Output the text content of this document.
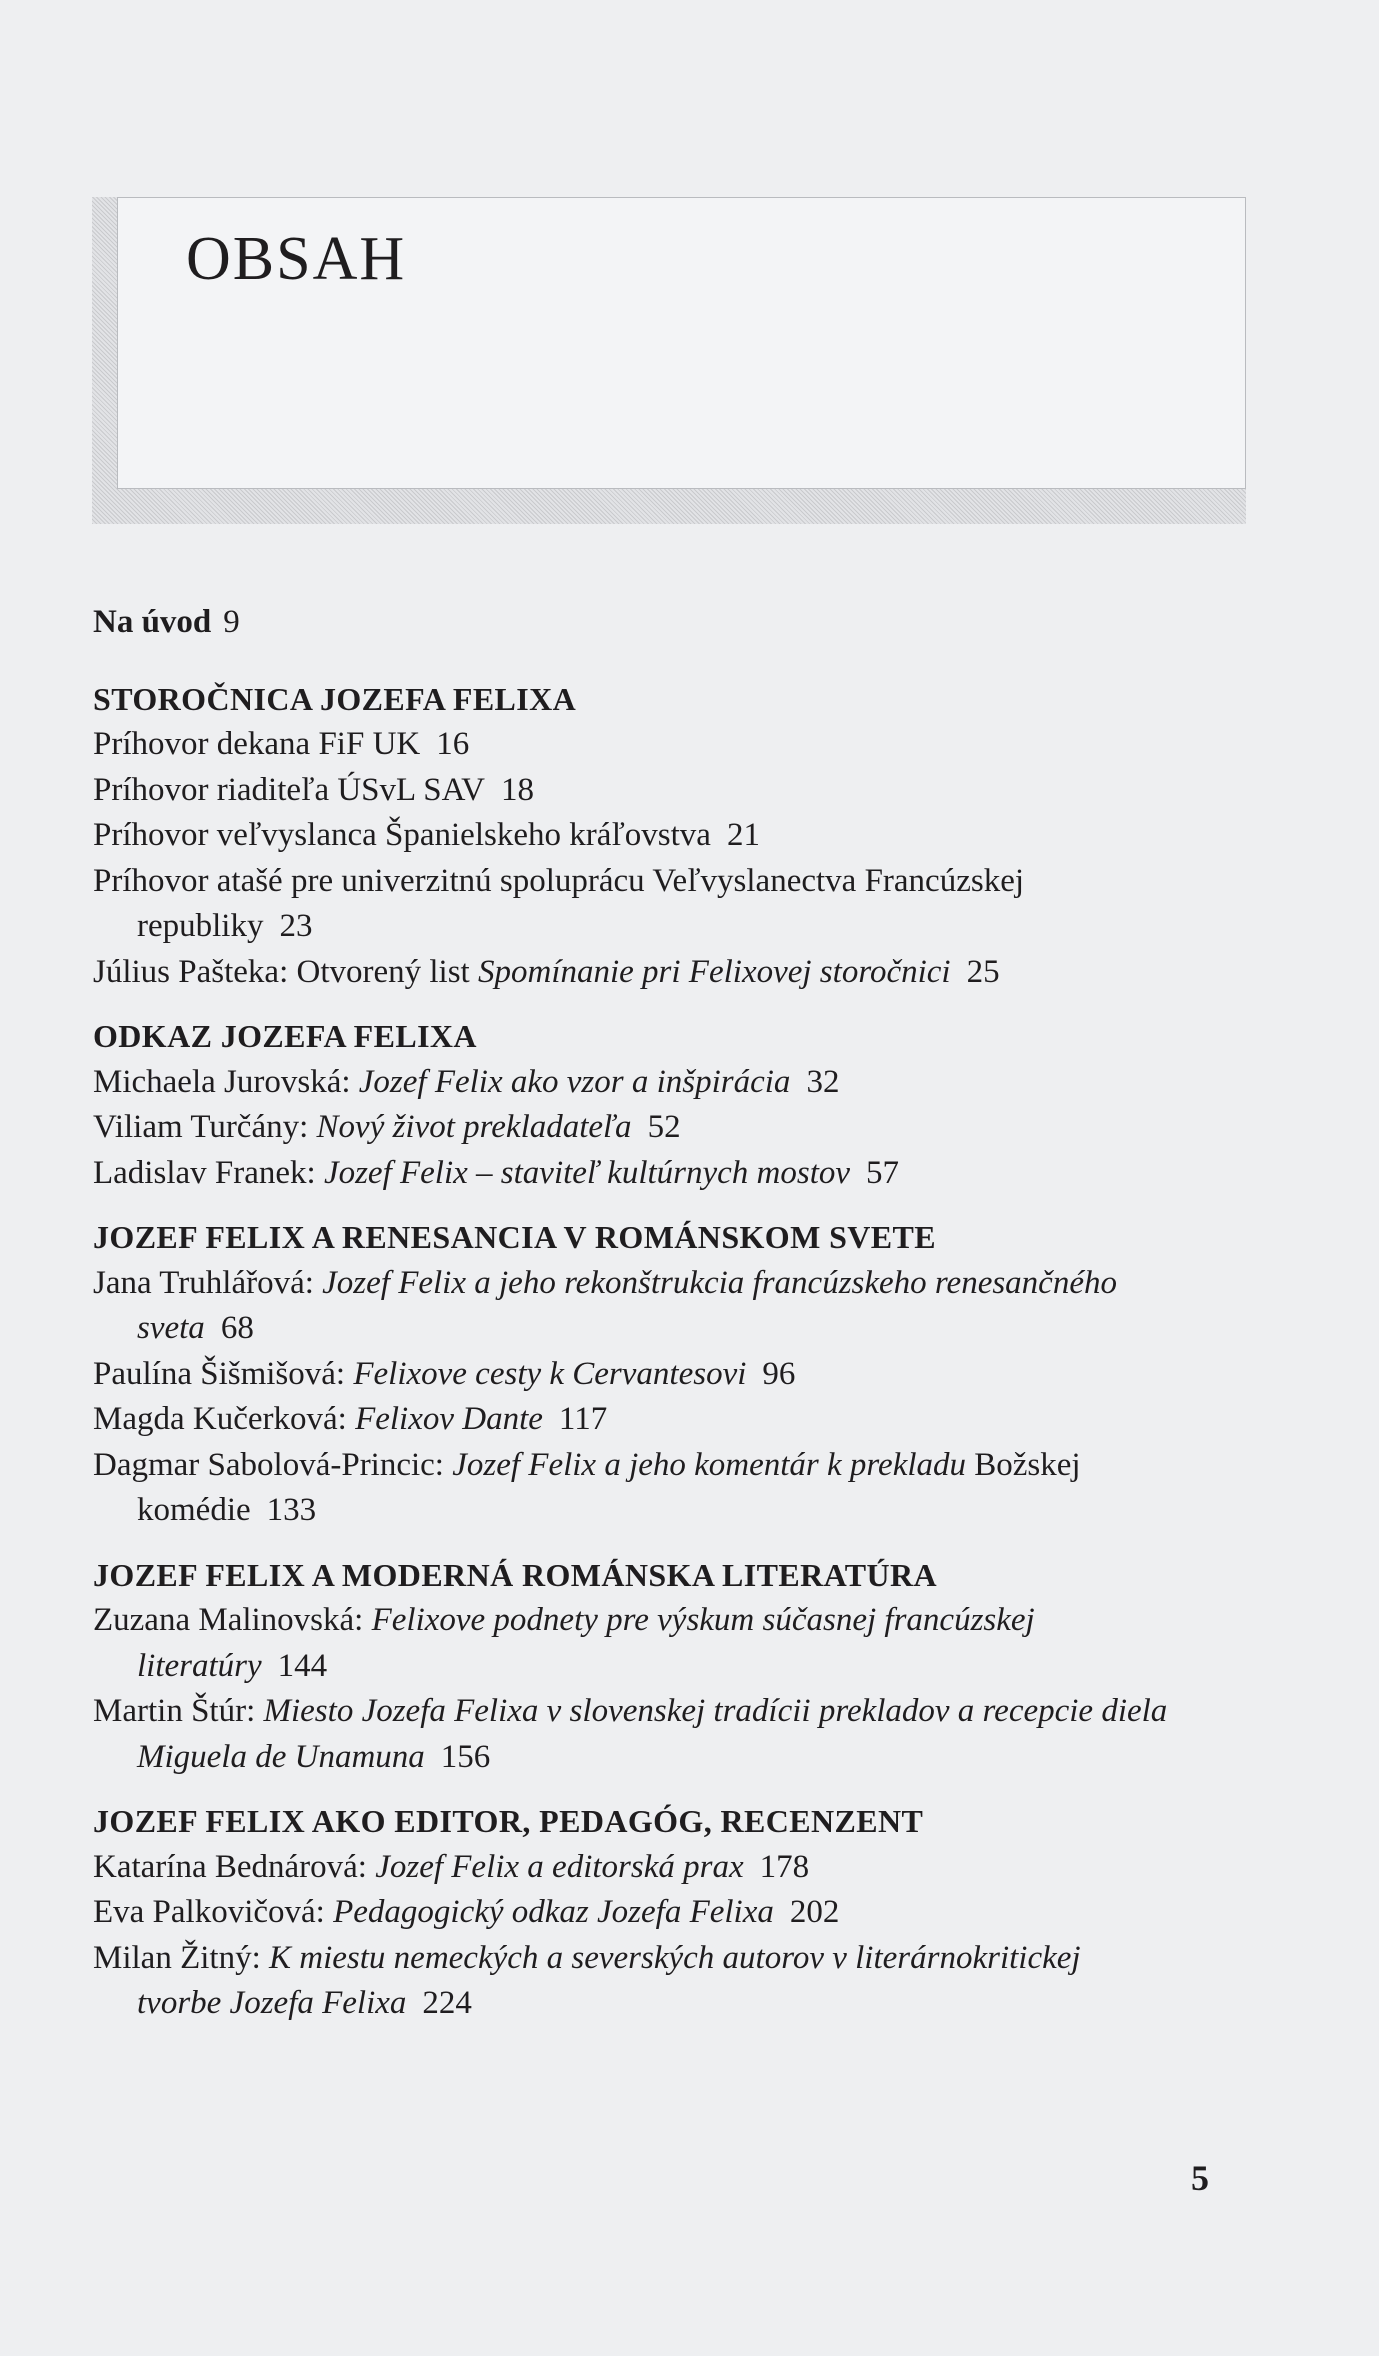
OBSAH
Na úvod 9
STOROČNICA JOZEFA FELIXA
Príhovor dekana FiF UK 16
Príhovor riaditeľa ÚSvL SAV 18
Príhovor veľvyslanca Španielskeho kráľovstva 21
Príhovor atašé pre univerzitnú spoluprácu Veľvyslanectva Francúzskej
republiky 23
Július Pašteka: Otvorený list Spomínanie pri Felixovej storočnici 25
ODKAZ JOZEFA FELIXA
Michaela Jurovská: Jozef Felix ako vzor a inšpirácia 32
Viliam Turčány: Nový život prekladateľa 52
Ladislav Franek: Jozef Felix – staviteľ kultúrnych mostov 57
JOZEF FELIX A RENESANCIA V ROMÁNSKOM SVETE
Jana Truhlářová: Jozef Felix a jeho rekonštrukcia francúzskeho renesančného
sveta 68
Paulína Šišmišová: Felixove cesty k Cervantesovi 96
Magda Kučerková: Felixov Dante 117
Dagmar Sabolová-Princic: Jozef Felix a jeho komentár k prekladu Božskej
komédie 133
JOZEF FELIX A MODERNÁ ROMÁNSKA LITERATÚRA
Zuzana Malinovská: Felixove podnety pre výskum súčasnej francúzskej
literatúry 144
Martin Štúr: Miesto Jozefa Felixa v slovenskej tradícii prekladov a recepcie diela
Miguela de Unamuna 156
JOZEF FELIX AKO EDITOR, PEDAGÓG, RECENZENT
Katarína Bednárová: Jozef Felix a editorská prax 178
Eva Palkovičová: Pedagogický odkaz Jozefa Felixa 202
Milan Žitný: K miestu nemeckých a severských autorov v literárnokritickej
tvorbe Jozefa Felixa 224
5
